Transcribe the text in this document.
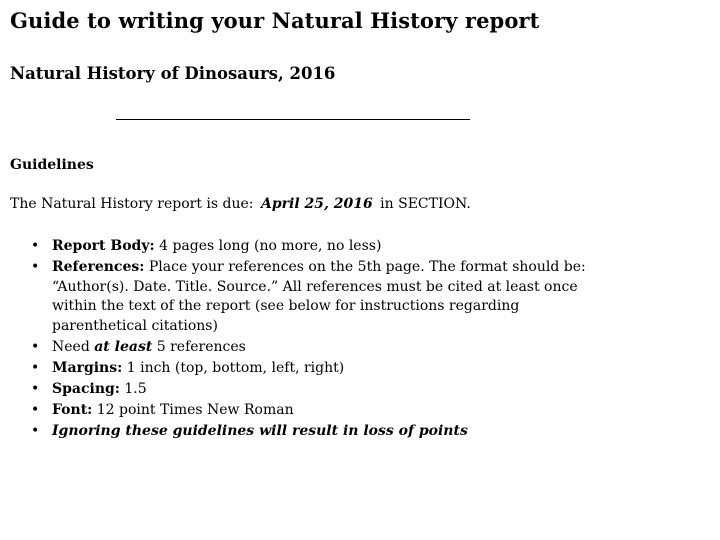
Guide to writing your Natural History report
Natural History of Dinosaurs, 2016
Guidelines

The Natural History report is due: April 25, 2016 in SECTION.

• Report Body: 4 pages long (no more, no less)
• References: Place your references on the 5th page. The format should be: “Author(s). Date. Title. Source.” All references must be cited at least once within the text of the report (see below for instructions regarding parenthetical citations)
• Need at least 5 references
• Margins: 1 inch (top, bottom, left, right)
• Spacing: 1.5
• Font: 12 point Times New Roman
• Ignoring these guidelines will result in loss of points
